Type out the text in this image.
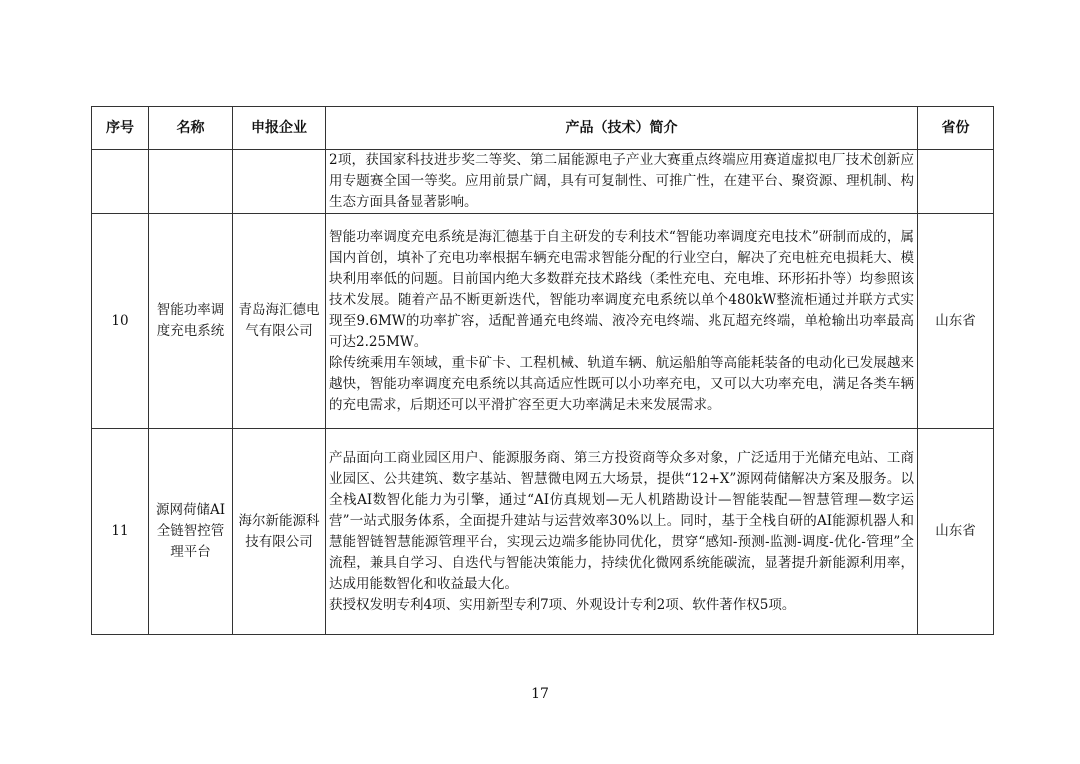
序号	名称	申报企业	产品（技术）简介	省份

			2项，获国家科技进步奖二等奖、第二届能源电子产业大赛重点终端应用赛道虚拟电厂技术创新应用专题赛全国一等奖。应用前景广阔，具有可复制性、可推广性，在建平台、聚资源、理机制、构生态方面具备显著影响。	

10	智能功率调度充电系统	青岛海汇德电气有限公司	智能功率调度充电系统是海汇德基于自主研发的专利技术“智能功率调度充电技术”研制而成的，属国内首创，填补了充电功率根据车辆充电需求智能分配的行业空白，解决了充电桩充电损耗大、模块利用率低的问题。目前国内绝大多数群充技术路线（柔性充电、充电堆、环形拓扑等）均参照该技术发展。随着产品不断更新迭代，智能功率调度充电系统以单个480kW整流柜通过并联方式实现至9.6MW的功率扩容，适配普通充电终端、液冷充电终端、兆瓦超充终端，单枪输出功率最高可达2.25MW。
除传统乘用车领域，重卡矿卡、工程机械、轨道车辆、航运船舶等高能耗装备的电动化已发展越来越快，智能功率调度充电系统以其高适应性既可以小功率充电，又可以大功率充电，满足各类车辆的充电需求，后期还可以平滑扩容至更大功率满足未来发展需求。	山东省
11	源网荷储AI全链智控管理平台	海尔新能源科技有限公司	产品面向工商业园区用户、能源服务商、第三方投资商等众多对象，广泛适用于光储充电站、工商业园区、公共建筑、数字基站、智慧微电网五大场景，提供“12+X”源网荷储解决方案及服务。以全栈AI数智化能力为引擎，通过“AI仿真规划—无人机踏勘设计—智能装配—智慧管理—数字运营”一站式服务体系，全面提升建站与运营效率30%以上。同时，基于全栈自研的AI能源机器人和慧能智链智慧能源管理平台，实现云边端多能协同优化，贯穿“感知-预测-监测-调度-优化-管理”全流程，兼具自学习、自迭代与智能决策能力，持续优化微网系统能碳流，显著提升新能源利用率，达成用能数智化和收益最大化。
获授权发明专利4项、实用新型专利7项、外观设计专利2项、软件著作权5项。	山东省
17
